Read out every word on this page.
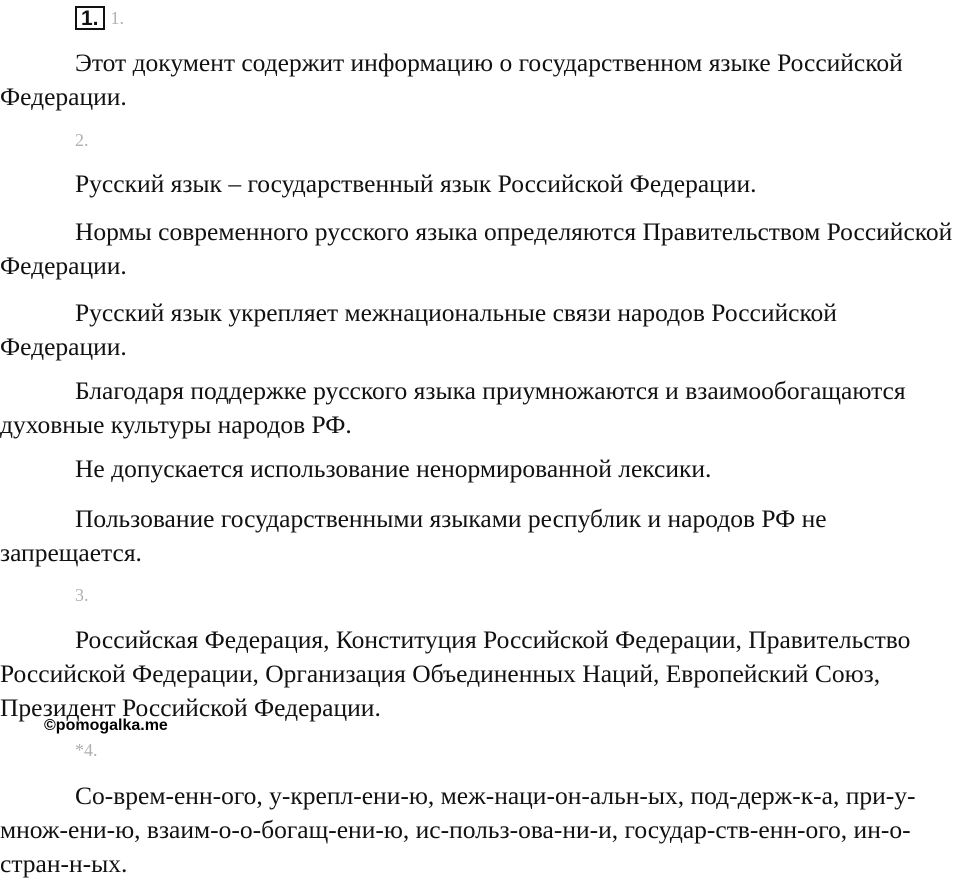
1. 1.

Этот документ содержит информацию о государственном языке Российской Федерации.

2.

Русский язык – государственный язык Российской Федерации.

Нормы современного русского языка определяются Правительством Российской Федерации.

Русский язык укрепляет межнациональные связи народов Российской Федерации.

Благодаря поддержке русского языка приумножаются и взаимообогащаются духовные культуры народов РФ.

Не допускается использование ненормированной лексики.

Пользование государственными языками республик и народов РФ не запрещается.

3.

Российская Федерация, Конституция Российской Федерации, Правительство Российской Федерации, Организация Объединенных Наций, Европейский Союз, Президент Российской Федерации.

©pomogalka.me
*4.

Со-врем-енн-ого, у-крепл-ени-ю, меж-наци-он-альн-ых, под-держ-к-а, при-у-множ-ени-ю, взаим-о-о-богащ-ени-ю, ис-польз-ова-ни-и, государ-ств-енн-ого, ин-о-стран-н-ых.
